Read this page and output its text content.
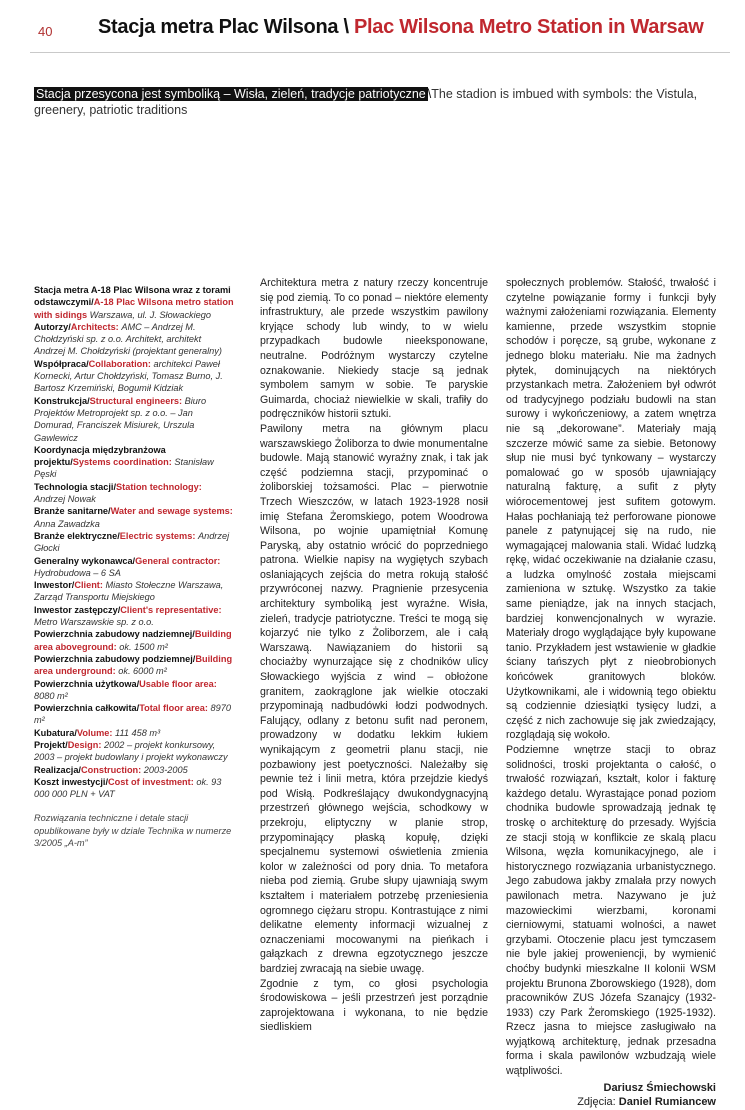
40 Stacja metra Plac Wilsona \ Plac Wilsona Metro Station in Warsaw
Stacja przesycona jest symboliką – Wisła, zieleń, tradycje patriotyczne \The stadion is imbued with symbols: the Vistula, greenery, patriotic traditions
Stacja metra A-18 Plac Wilsona wraz z torami odstawczymi/A-18 Plac Wilsona metro station with sidings Warszawa, ul. J. Słowackiego
Autorzy/Architects: AMC – Andrzej M. Chołdzyński sp. z o.o. Architekt, architekt Andrzej M. Chołdzyński (projektant generalny)
Współpraca/Collaboration: architekci Paweł Kornecki, Artur Chołdzyński, Tomasz Burno, J. Bartosz Krzemiński, Bogumił Kidziak
Konstrukcja/Structural engineers: Biuro Projektów Metroprojekt sp. z o.o. – Jan Domurad, Franciszek Misiurek, Urszula Gawlewicz
Koordynacja międzybranżowa projektu/Systems coordination: Stanisław Pęski
Technologia stacji/Station technology: Andrzej Nowak
Branże sanitarne/Water and sewage systems: Anna Zawadzka
Branże elektryczne/Electric systems: Andrzej Głocki
Generalny wykonawca/General contractor: Hydrobudowa – 6 SA
Inwestor/Client: Miasto Stołeczne Warszawa, Zarząd Transportu Miejskiego
Inwestor zastępczy/Client's representative: Metro Warszawskie sp. z o.o.
Powierzchnia zabudowy nadziemnej/Building area aboveground: ok. 1500 m²
Powierzchnia zabudowy podziemnej/Building area underground: ok. 6000 m²
Powierzchnia użytkowa/Usable floor area: 8080 m²
Powierzchnia całkowita/Total floor area: 8970 m²
Kubatura/Volume: 111 458 m³
Projekt/Design: 2002 – projekt konkursowy, 2003 – projekt budowlany i projekt wykonawczy
Realizacja/Construction: 2003-2005
Koszt inwestycji/Cost of investment: ok. 93 000 000 PLN + VAT
Rozwiązania techniczne i detale stacji opublikowane były w dziale Technika w numerze 3/2005 „A-m”

Architektura metra z natury rzeczy koncentruje się pod ziemią. To co ponad – niektóre elementy infrastruktury, ale przede wszystkim pawilony kryjące schody lub windy, to w wielu przypadkach budowle nieeksponowane, neutralne. Podróżnym wystarczy czytelne oznakowanie. Niekiedy stacje są jednak symbolem samym w sobie. Te paryskie Guimarda, chociaż niewielkie w skali, trafiły do podręczników historii sztuki.

Pawilony metra na głównym placu warszawskiego Żoliborza to dwie monumentalne budowle. Mają stanowić wyraźny znak, i tak jak część podziemna stacji, przypominać o żoliborskiej tożsamości. Plac – pierwotnie Trzech Wieszczów, w latach 1923-1928 nosił imię Stefana Żeromskiego, potem Woodrowa Wilsona, po wojnie upamiętniał Komunę Paryską, aby ostatnio wrócić do poprzedniego patrona. Wielkie napisy na wygiętych szybach oslaniających zejścia do metra rokują stałość przywróconej nazwy. Pragnienie przesycenia architektury symboliką jest wyraźne. Wisła, zieleń, tradycje patriotyczne. Treści te mogą się kojarzyć nie tylko z Żoliborzem, ale i całą Warszawą. Nawiązaniem do historii są chociażby wynurzające się z chodników ulicy Słowackiego wyjścia z wind – obłożone granitem, zaokrąglone jak wielkie otoczaki przypominają nadbudówki łodzi podwodnych. Falujący, odlany z betonu sufit nad peronem, prowadzony w dodatku lekkim łukiem wynikającym z geometrii planu stacji, nie pozbawiony jest poetyczności. Należałby się pewnie też i linii metra, która przejdzie kiedyś pod Wisłą. Podkreślający dwukondygnacyjną przestrzeń głównego wejścia, schodkowy w przekroju, eliptyczny w planie strop, przypominający płaską kopułę, dzięki specjalnemu systemowi oświetlenia zmienia kolor w zależności od pory dnia. To metafora nieba pod ziemią. Grube słupy ujawniają swym kształtem i materiałem potrzebę przeniesienia ogromnego ciężaru stropu. Kontrastujące z nimi delikatne elementy informacji wizualnej z oznaczeniami mocowanymi na pieńkach i gałązkach z drewna egzotycznego jeszcze bardziej zwracają na siebie uwagę.

Zgodnie z tym, co głosi psychologia środowiskowa – jeśli przestrzeń jest porządnie zaprojektowana i wykonana, to nie będzie siedliskiem

społecznych problemów. Stałość, trwałość i czytelne powiązanie formy i funkcji były ważnymi założeniami rozwiązania. Elementy kamienne, przede wszystkim stopnie schodów i poręcze, są grube, wykonane z jednego bloku materiału. Nie ma żadnych płytek, dominujących na niektórych przystankach metra. Założeniem był odwrót od tradycyjnego podziału budowli na stan surowy i wykończeniowy, a zatem wnętrza nie są „dekorowane”. Materiały mają szczerze mówić same za siebie. Betonowy słup nie musi być tynkowany – wystarczy pomalować go w sposób ujawniający naturalną fakturę, a sufit z płyty wiórocementowej jest sufitem gotowym. Hałas pochłaniają też perforowane pionowe panele z patynującej się na rudo, nie wymagającej malowania stali. Widać ludzką rękę, widać oczekiwanie na działanie czasu, a ludzka omylność została miejscami zamieniona w sztukę. Wszystko za takie same pieniądze, jak na innych stacjach, bardziej konwencjonalnych w wyrazie. Materiały drogo wyglądające były kupowane tanio. Przykładem jest wstawienie w gładkie ściany tańszych płyt z nieobrobionych końcówek granitowych bloków. Użytkownikami, ale i widownią tego obiektu są codziennie dziesiątki tysięcy ludzi, a część z nich zachowuje się jak zwiedzający, rozglądają się wokoło.

Podziemne wnętrze stacji to obraz solidności, troski projektanta o całość, o trwałość rozwiązań, kształt, kolor i fakturę każdego detalu. Wyrastające ponad poziom chodnika budowle sprowadzają jednak tę troskę o architekturę do przesady. Wyjścia ze stacji stoją w konflikcie ze skalą placu Wilsona, węzła komunikacyjnego, ale i historycznego rozwiązania urbanistycznego. Jego zabudowa jakby zmalała przy nowych pawilonach metra. Nazywano je już mazowieckimi wierzbami, koronami cierniowymi, statuami wolności, a nawet grzybami. Otoczenie placu jest tymczasem nie byle jakiej proweniencji, by wymienić choćby budynki mieszkalne II kolonii WSM projektu Brunona Zborowskiego (1928), dom pracowników ZUS Józefa Szanajcy (1932-1933) czy Park Żeromskiego (1925-1932). Rzecz jasna to miejsce zasługiwało na wyjątkową architekturę, jednak przesadna forma i skala pawilonów wzbudzają wiele wątpliwości.

Dariusz Śmiechowski
Zdjęcia: Daniel Rumiancew
